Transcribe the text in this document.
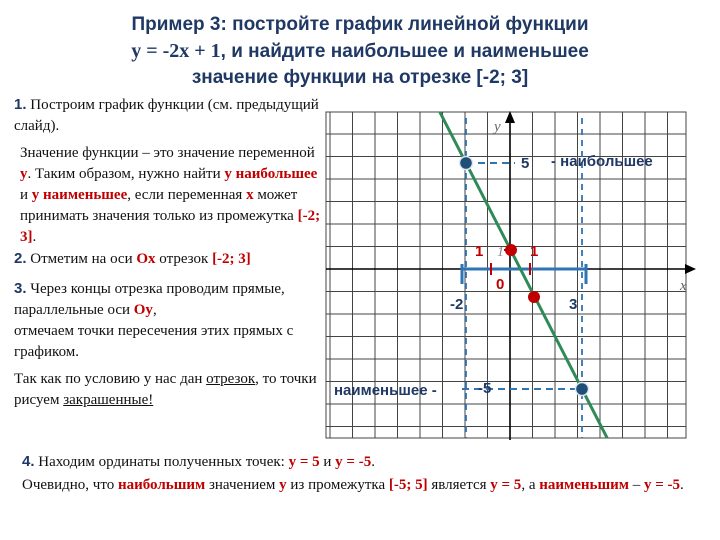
Пример 3: постройте график линейной функции
y = -2x + 1, и найдите наибольшее и наименьшее
значение функции на отрезке [-2; 3]

1. Построим график функции (см. предыдущий слайд).

Значение функции – это значение переменной у. Таким образом, нужно найти у наибольшее и у наименьшее, если переменная х может принимать значения только из промежутка [-2; 3].

2. Отметим на оси Ох отрезок [-2; 3]

3. Через концы отрезка проводим прямые, параллельные оси Оу,

отмечаем точки пересечения этих прямых с графиком.

Так как по условию у нас дан отрезок, то точки рисуем закрашенные!

у
х
5 - наибольшее
1 1 1
0
-2	3
наименьшее -	-5

4. Находим ординаты полученных точек: у = 5 и у = -5.

Очевидно, что наибольшим значением у из промежутка [-5; 5] является у = 5, а наименьшим – у = -5.
